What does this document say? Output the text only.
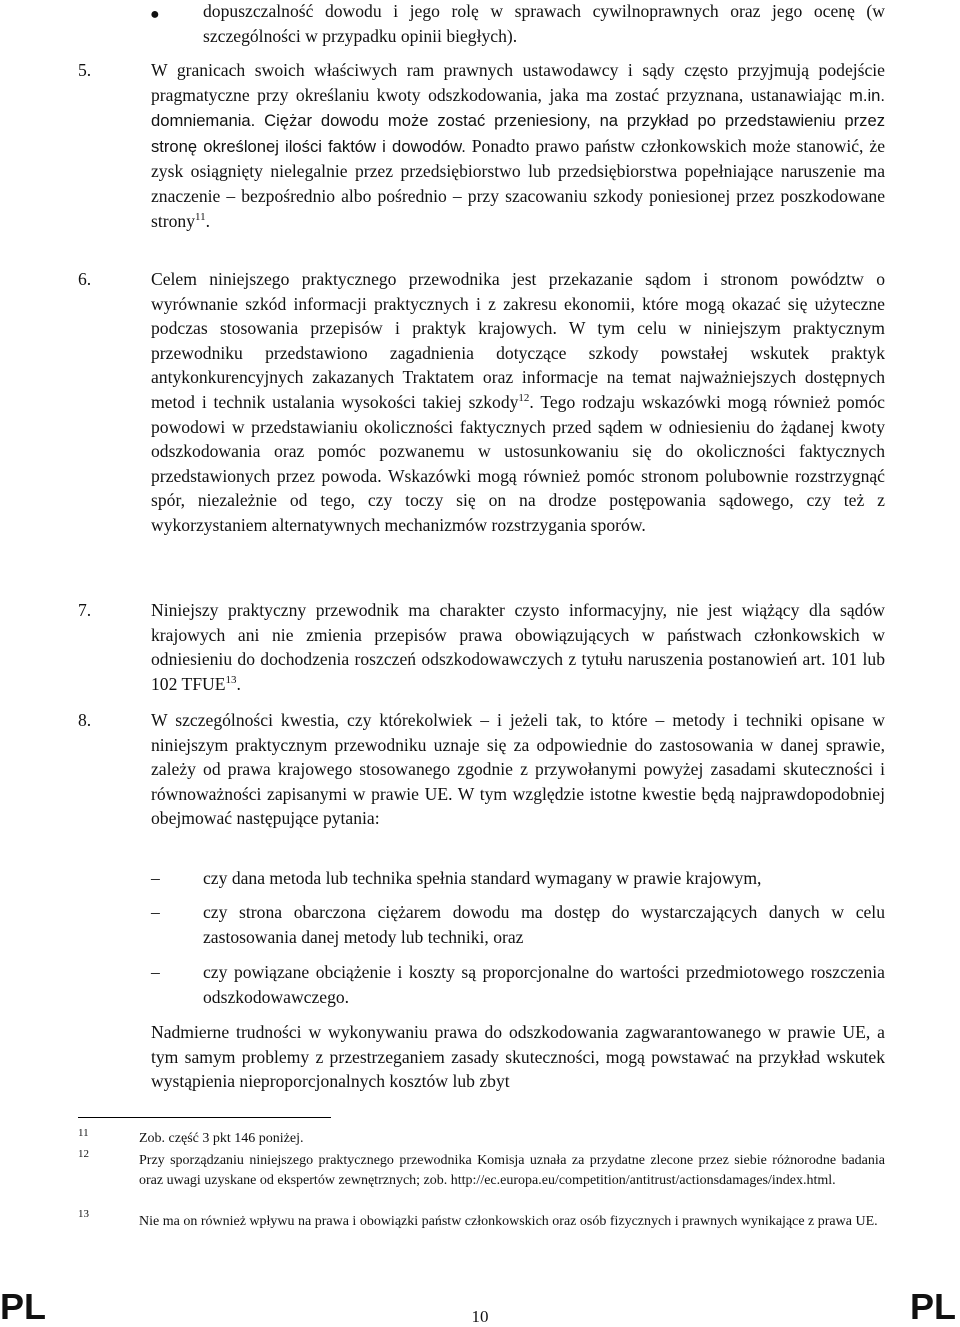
● dopuszczalność dowodu i jego rolę w sprawach cywilnoprawnych oraz jego ocenę (w szczególności w przypadku opinii biegłych).

5.	W granicach swoich właściwych ram prawnych ustawodawcy i sądy często przyjmują podejście pragmatyczne przy określaniu kwoty odszkodowania, jaka ma zostać przyznana, ustanawiając m.in. domniemania. Ciężar dowodu może zostać przeniesiony, na przykład po przedstawieniu przez stronę określonej ilości faktów i dowodów. Ponadto prawo państw członkowskich może stanowić, że zysk osiągnięty nielegalnie przez przedsiębiorstwo lub przedsiębiorstwa popełniające naruszenie ma znaczenie – bezpośrednio albo pośrednio – przy szacowaniu szkody poniesionej przez poszkodowane strony$^{11}$.

6.	Celem niniejszego praktycznego przewodnika jest przekazanie sądom i stronom powództw o wyrównanie szkód informacji praktycznych i z zakresu ekonomii, które mogą okazać się użyteczne podczas stosowania przepisów i praktyk krajowych. W tym celu w niniejszym praktycznym przewodniku przedstawiono zagadnienia dotyczące szkody powstałej wskutek praktyk antykonkurencyjnych zakazanych Traktatem oraz informacje na temat najważniejszych dostępnych metod i technik ustalania wysokości takiej szkody$^{12}$. Tego rodzaju wskazówki mogą również pomóc powodowi w przedstawianiu okoliczności faktycznych przed sądem w odniesieniu do żądanej kwoty odszkodowania oraz pomóc pozwanemu w ustosunkowaniu się do okoliczności faktycznych przedstawionych przez powoda. Wskazówki mogą również pomóc stronom polubownie rozstrzygnąć spór, niezależnie od tego, czy toczy się on na drodze postępowania sądowego, czy też z wykorzystaniem alternatywnych mechanizmów rozstrzygania sporów.

7.	Niniejszy praktyczny przewodnik ma charakter czysto informacyjny, nie jest wiążący dla sądów krajowych ani nie zmienia przepisów prawa obowiązujących w państwach członkowskich w odniesieniu do dochodzenia roszczeń odszkodowawczych z tytułu naruszenia postanowień art. 101 lub 102 TFUE$^{13}$.

8.	W szczególności kwestia, czy którekolwiek – i jeżeli tak, to które – metody i techniki opisane w niniejszym praktycznym przewodniku uznaje się za odpowiednie do zastosowania w danej sprawie, zależy od prawa krajowego stosowanego zgodnie z przywołanymi powyżej zasadami skuteczności i równoważności zapisanymi w prawie UE. W tym względzie istotne kwestie będą najprawdopodobniej obejmować następujące pytania:

– czy dana metoda lub technika spełnia standard wymagany w prawie krajowym,

– czy strona obarczona ciężarem dowodu ma dostęp do wystarczających danych w celu zastosowania danej metody lub techniki, oraz

– czy powiązane obciążenie i koszty są proporcjonalne do wartości przedmiotowego roszczenia odszkodowawczego.

Nadmierne trudności w wykonywaniu prawa do odszkodowania zagwarantowanego w prawie UE, a tym samym problemy z przestrzeganiem zasady skuteczności, mogą powstawać na przykład wskutek wystąpienia nieproporcjonalnych kosztów lub zbyt

11	Zob. część 3 pkt 146 poniżej.

12	Przy sporządzaniu niniejszego praktycznego przewodnika Komisja uznała za przydatne zlecone przez siebie różnorodne badania oraz uwagi uzyskane od ekspertów zewnętrznych; zob. http://ec.europa.eu/competition/antitrust/actionsdamages/index.html.

13	Nie ma on również wpływu na prawa i obowiązki państw członkowskich oraz osób fizycznych i prawnych wynikające z prawa UE.

PL	10	PL
